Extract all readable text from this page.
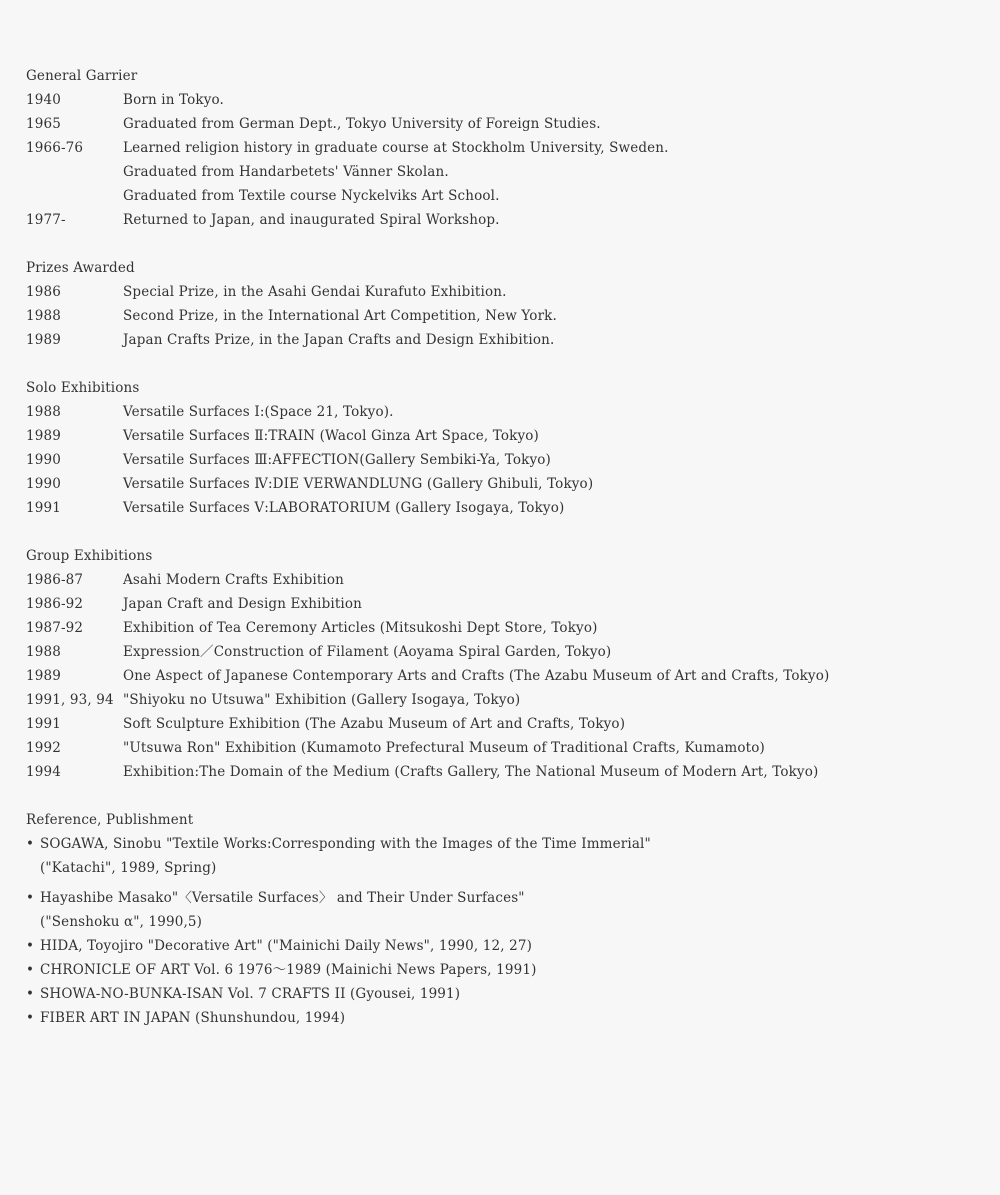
General Garrier
1940	Born in Tokyo.
1965	Graduated from German Dept., Tokyo University of Foreign Studies.
1966-76	Learned religion history in graduate course at Stockholm University, Sweden.
Graduated from Handarbetets' Vänner Skolan.
Graduated from Textile course Nyckelviks Art School.
1977-	Returned to Japan, and inaugurated Spiral Workshop.
Prizes Awarded
1986	Special Prize, in the Asahi Gendai Kurafuto Exhibition.
1988	Second Prize, in the International Art Competition, New York.
1989	Japan Crafts Prize, in the Japan Crafts and Design Exhibition.
Solo Exhibitions
1988	Versatile Surfaces Ⅰ:(Space 21, Tokyo).
1989	Versatile Surfaces Ⅱ:TRAIN (Wacol Ginza Art Space, Tokyo)
1990	Versatile Surfaces Ⅲ:AFFECTION(Gallery Sembiki-Ya, Tokyo)
1990	Versatile Surfaces Ⅳ:DIE VERWANDLUNG (Gallery Ghibuli, Tokyo)
1991	Versatile Surfaces Ⅴ:LABORATORIUM (Gallery Isogaya, Tokyo)
Group Exhibitions
1986-87	Asahi Modern Crafts Exhibition
1986-92	Japan Craft and Design Exhibition
1987-92	Exhibition of Tea Ceremony Articles (Mitsukoshi Dept Store, Tokyo)
1988	Expression／Construction of Filament (Aoyama Spiral Garden, Tokyo)
1989	One Aspect of Japanese Contemporary Arts and Crafts (The Azabu Museum of Art and Crafts, Tokyo)
1991, 93, 94 "Shiyoku no Utsuwa" Exhibition (Gallery Isogaya, Tokyo)
1991	Soft Sculpture Exhibition (The Azabu Museum of Art and Crafts, Tokyo)
1992	"Utsuwa Ron" Exhibition (Kumamoto Prefectural Museum of Traditional Crafts, Kumamoto)
1994	Exhibition:The Domain of the Medium (Crafts Gallery, The National Museum of Modern Art, Tokyo)
Reference, Publishment
• SOGAWA, Sinobu "Textile Works:Corresponding with the Images of the Time Immerial"
("Katachi", 1989, Spring)
• Hayashibe Masako"〈Versatile Surfaces〉 and Their Under Surfaces"
("Senshoku α", 1990,5)
• HIDA, Toyojiro "Decorative Art" ("Mainichi Daily News", 1990, 12, 27)
• CHRONICLE OF ART Vol. 6 1976〜1989 (Mainichi News Papers, 1991)
• SHOWA-NO-BUNKA-ISAN Vol. 7 CRAFTS II (Gyousei, 1991)
• FIBER ART IN JAPAN (Shunshundou, 1994)
